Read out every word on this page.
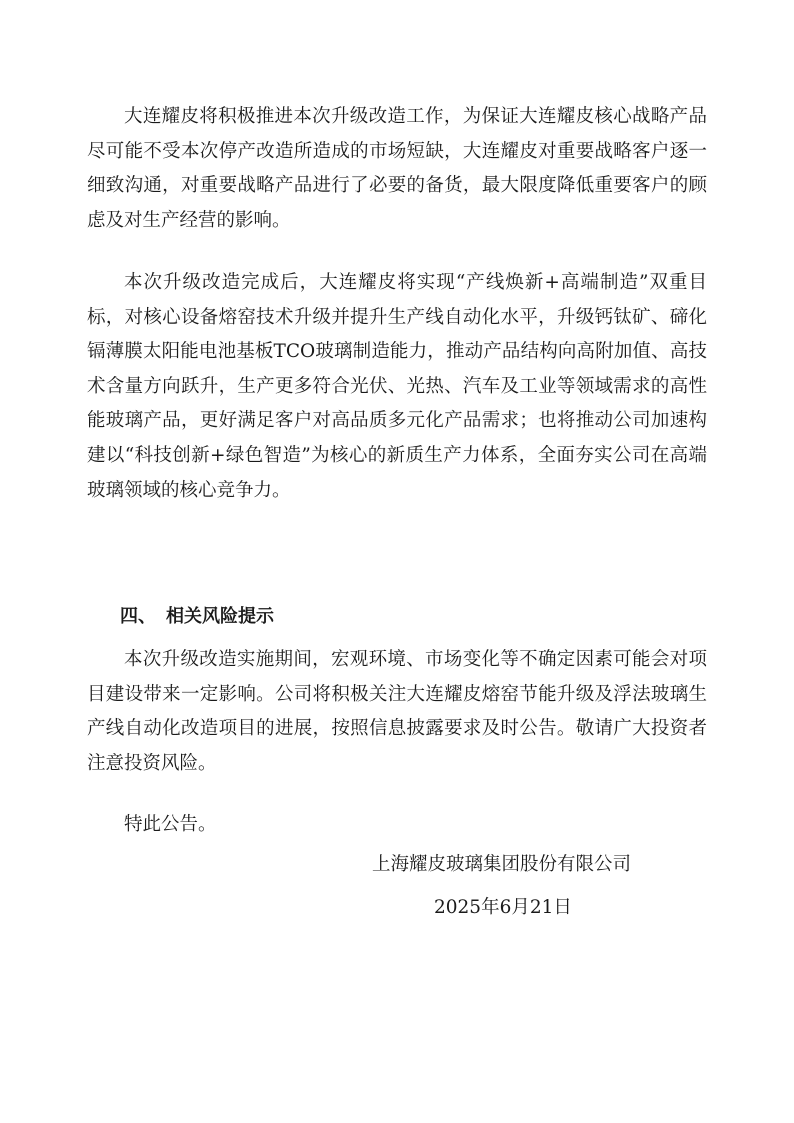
大连耀皮将积极推进本次升级改造工作，为保证大连耀皮核心战略产品尽可能不受本次停产改造所造成的市场短缺，大连耀皮对重要战略客户逐一细致沟通，对重要战略产品进行了必要的备货，最大限度降低重要客户的顾虑及对生产经营的影响。

本次升级改造完成后，大连耀皮将实现“产线焕新+高端制造”双重目标，对核心设备熔窑技术升级并提升生产线自动化水平，升级钙钛矿、碲化镉薄膜太阳能电池基板TCO玻璃制造能力，推动产品结构向高附加值、高技术含量方向跃升，生产更多符合光伏、光热、汽车及工业等领域需求的高性能玻璃产品，更好满足客户对高品质多元化产品需求；也将推动公司加速构建以“科技创新+绿色智造”为核心的新质生产力体系，全面夯实公司在高端玻璃领域的核心竞争力。

四、 相关风险提示

本次升级改造实施期间，宏观环境、市场变化等不确定因素可能会对项目建设带来一定影响。公司将积极关注大连耀皮熔窑节能升级及浮法玻璃生产线自动化改造项目的进展，按照信息披露要求及时公告。敬请广大投资者注意投资风险。

特此公告。

上海耀皮玻璃集团股份有限公司

2025年6月21日
